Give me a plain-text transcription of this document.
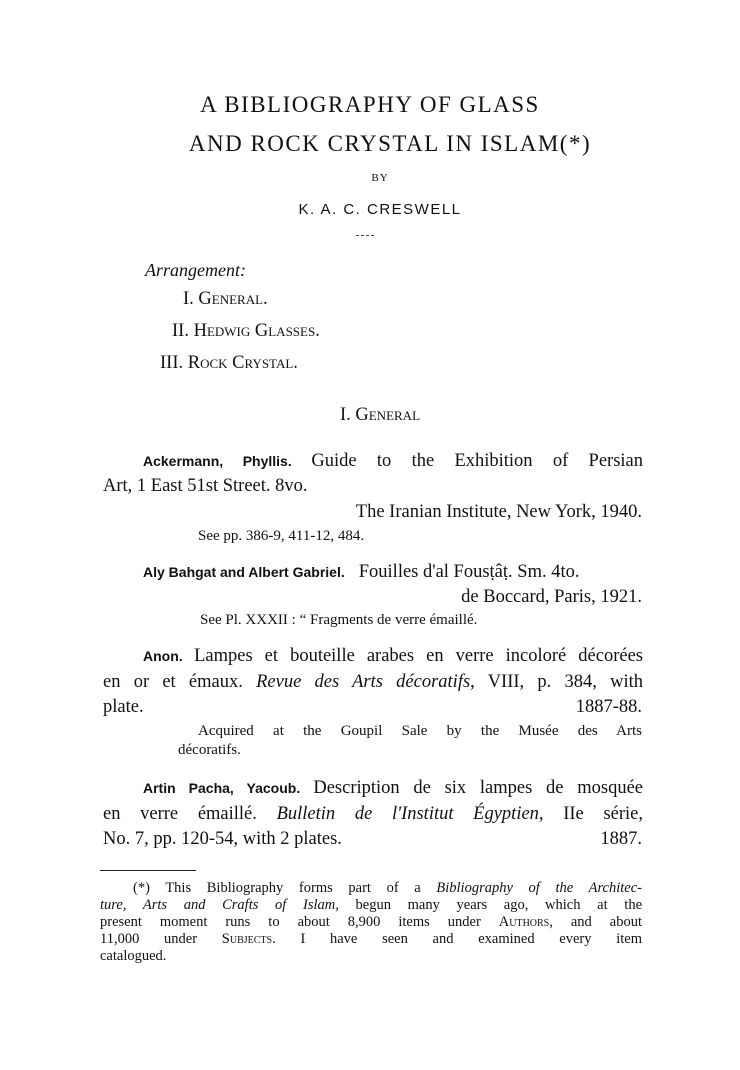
A BIBLIOGRAPHY OF GLASS
AND ROCK CRYSTAL IN ISLAM(*)
BY
K. A. C. CRESWELL
Arrangement:
I. General.
II. Hedwig Glasses.
III. Rock Crystal.
I. General
Ackermann, Phyllis. Guide to the Exhibition of Persian
Art, 1 East 51st Street. 8vo.
The Iranian Institute, New York, 1940.
See pp. 386-9, 411-12, 484.
Aly Bahgat and Albert Gabriel. Fouilles d'al Fousṭâṭ. Sm. 4to.
de Boccard, Paris, 1921.
See Pl. XXXII : “ Fragments de verre émaillé.
Anon. Lampes et bouteille arabes en verre incoloré décorées
en or et émaux. Revue des Arts décoratifs, VIII, p. 384, with
plate.	1887-88.
Acquired at the Goupil Sale by the Musée des Arts
décoratifs.
Artin Pacha, Yacoub. Description de six lampes de mosquée
en verre émaillé. Bulletin de l'Institut Égyptien, IIe série,
No. 7, pp. 120-54, with 2 plates.	1887.
(*) This Bibliography forms part of a Bibliography of the Architec-
ture, Arts and Crafts of Islam, begun many years ago, which at the
present moment runs to about 8,900 items under Authors, and about
11,000 under Subjects. I have seen and examined every item
catalogued.
